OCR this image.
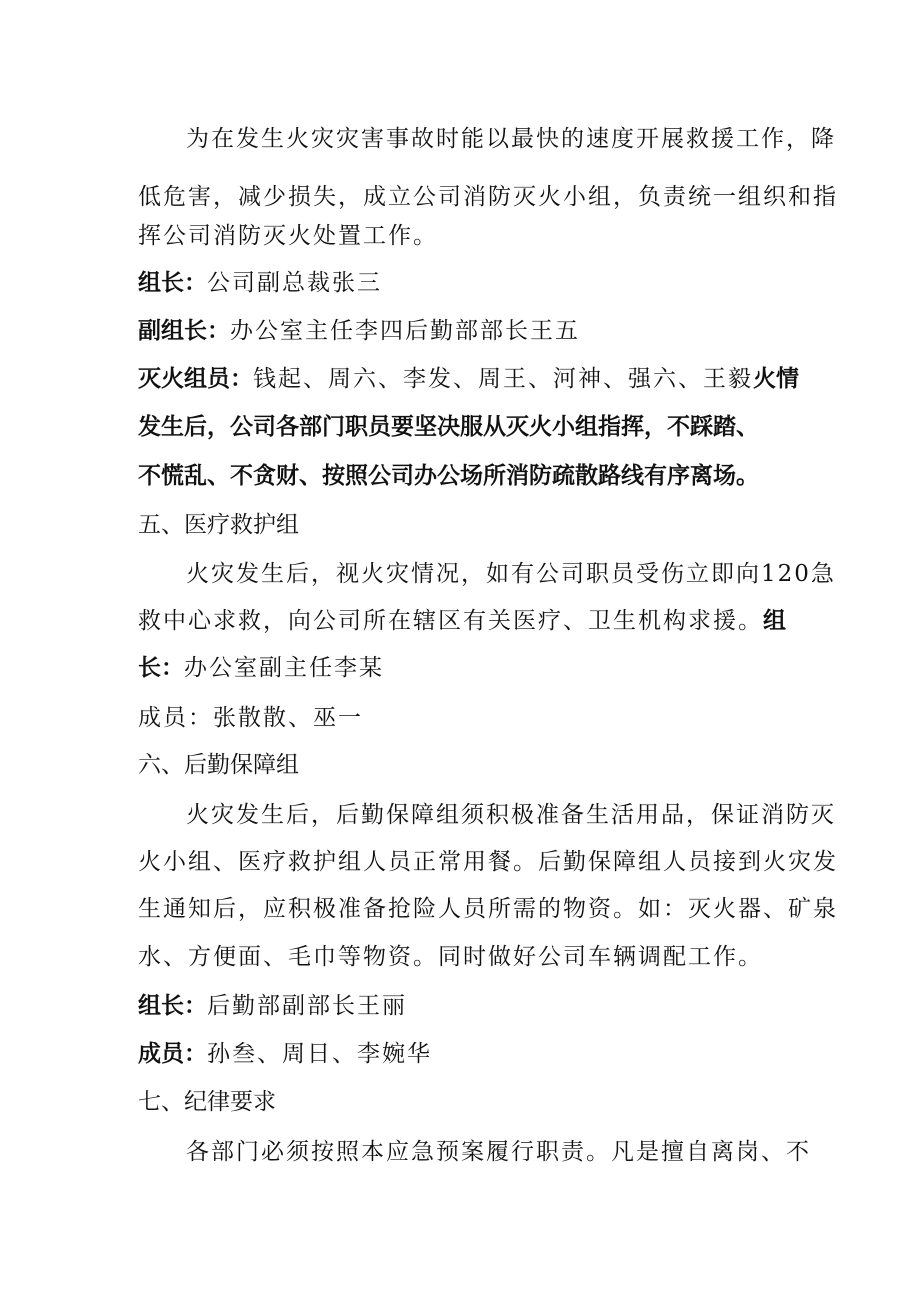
为在发生火灾灾害事故时能以最快的速度开展救援工作，降
低危害，减少损失，成立公司消防灭火小组，负责统一组织和指
挥公司消防灭火处置工作。
组长：公司副总裁张三
副组长：办公室主任李四后勤部部长王五
灭火组员：钱起、周六、李发、周王、河神、强六、王毅火情
发生后，公司各部门职员要坚决服从灭火小组指挥，不踩踏、
不慌乱、不贪财、按照公司办公场所消防疏散路线有序离场。
五、医疗救护组
火灾发生后，视火灾情况，如有公司职员受伤立即向120急
救中心求救，向公司所在辖区有关医疗、卫生机构求援。组
长：办公室副主任李某
成员：张散散、巫一
六、后勤保障组
火灾发生后，后勤保障组须积极准备生活用品，保证消防灭
火小组、医疗救护组人员正常用餐。后勤保障组人员接到火灾发
生通知后，应积极准备抢险人员所需的物资。如：灭火器、矿泉
水、方便面、毛巾等物资。同时做好公司车辆调配工作。
组长：后勤部副部长王丽
成员：孙叁、周日、李婉华
七、纪律要求
各部门必须按照本应急预案履行职责。凡是擅自离岗、不
